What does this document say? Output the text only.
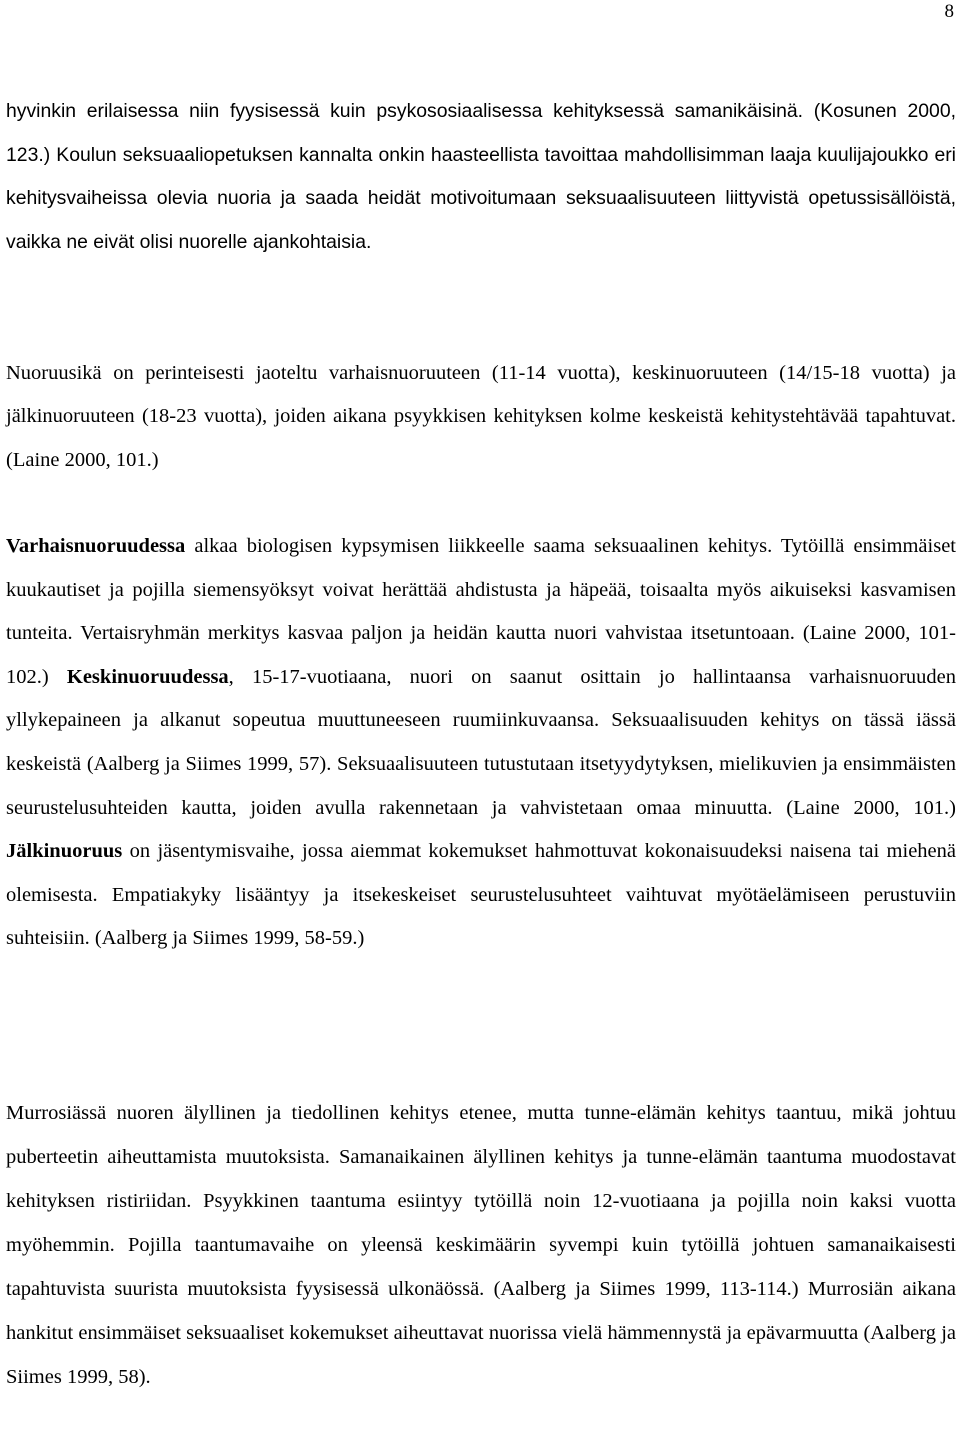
8

hyvinkin erilaisessa niin fyysisessä kuin psykososiaalisessa kehityksessä samanikäisinä. (Kosunen 2000, 123.) Koulun seksuaaliopetuksen kannalta onkin haasteellista tavoittaa mahdollisimman laaja kuulijajoukko eri kehitysvaiheissa olevia nuoria ja saada heidät motivoitumaan seksuaalisuuteen liittyvistä opetussisällöistä, vaikka ne eivät olisi nuorelle ajankohtaisia.

Nuoruusikä on perinteisesti jaoteltu varhaisnuoruuteen (11-14 vuotta), keskinuoruuteen (14/15-18 vuotta) ja jälkinuoruuteen (18-23 vuotta), joiden aikana psyykkisen kehityksen kolme keskeistä kehitystehtävää tapahtuvat. (Laine 2000, 101.)

Varhaisnuoruudessa alkaa biologisen kypsymisen liikkeelle saama seksuaalinen kehitys. Tytöillä ensimmäiset kuukautiset ja pojilla siemensyöksyt voivat herättää ahdistusta ja häpeää, toisaalta myös aikuiseksi kasvamisen tunteita. Vertaisryhmän merkitys kasvaa paljon ja heidän kautta nuori vahvistaa itsetuntoaan. (Laine 2000, 101-102.) Keskinuoruudessa, 15-17-vuotiaana, nuori on saanut osittain jo hallintaansa varhaisnuoruuden yllykepaineen ja alkanut sopeutua muuttuneeseen ruumiinkuvaansa. Seksuaalisuuden kehitys on tässä iässä keskeistä (Aalberg ja Siimes 1999, 57). Seksuaalisuuteen tutustutaan itsetyydytyksen, mielikuvien ja ensimmäisten seurustelusuhteiden kautta, joiden avulla rakennetaan ja vahvistetaan omaa minuutta. (Laine 2000, 101.) Jälkinuoruus on jäsentymisvaihe, jossa aiemmat kokemukset hahmottuvat kokonaisuudeksi naisena tai miehenä olemisesta. Empatiakyky lisääntyy ja itsekeskeiset seurustelusuhteet vaihtuvat myötäelämiseen perustuviin suhteisiin. (Aalberg ja Siimes 1999, 58-59.)

Murrosiässä nuoren älyllinen ja tiedollinen kehitys etenee, mutta tunne-elämän kehitys taantuu, mikä johtuu puberteetin aiheuttamista muutoksista. Samanaikainen älyllinen kehitys ja tunne-elämän taantuma muodostavat kehityksen ristiriidan. Psyykkinen taantuma esiintyy tytöillä noin 12-vuotiaana ja pojilla noin kaksi vuotta myöhemmin. Pojilla taantumavaihe on yleensä keskimäärin syvempi kuin tytöillä johtuen samanaikaisesti tapahtuvista suurista muutoksista fyysisessä ulkonäössä. (Aalberg ja Siimes 1999, 113-114.) Murrosiän aikana hankitut ensimmäiset seksuaaliset kokemukset aiheuttavat nuorissa vielä hämmennystä ja epävarmuutta (Aalberg ja Siimes 1999, 58).
